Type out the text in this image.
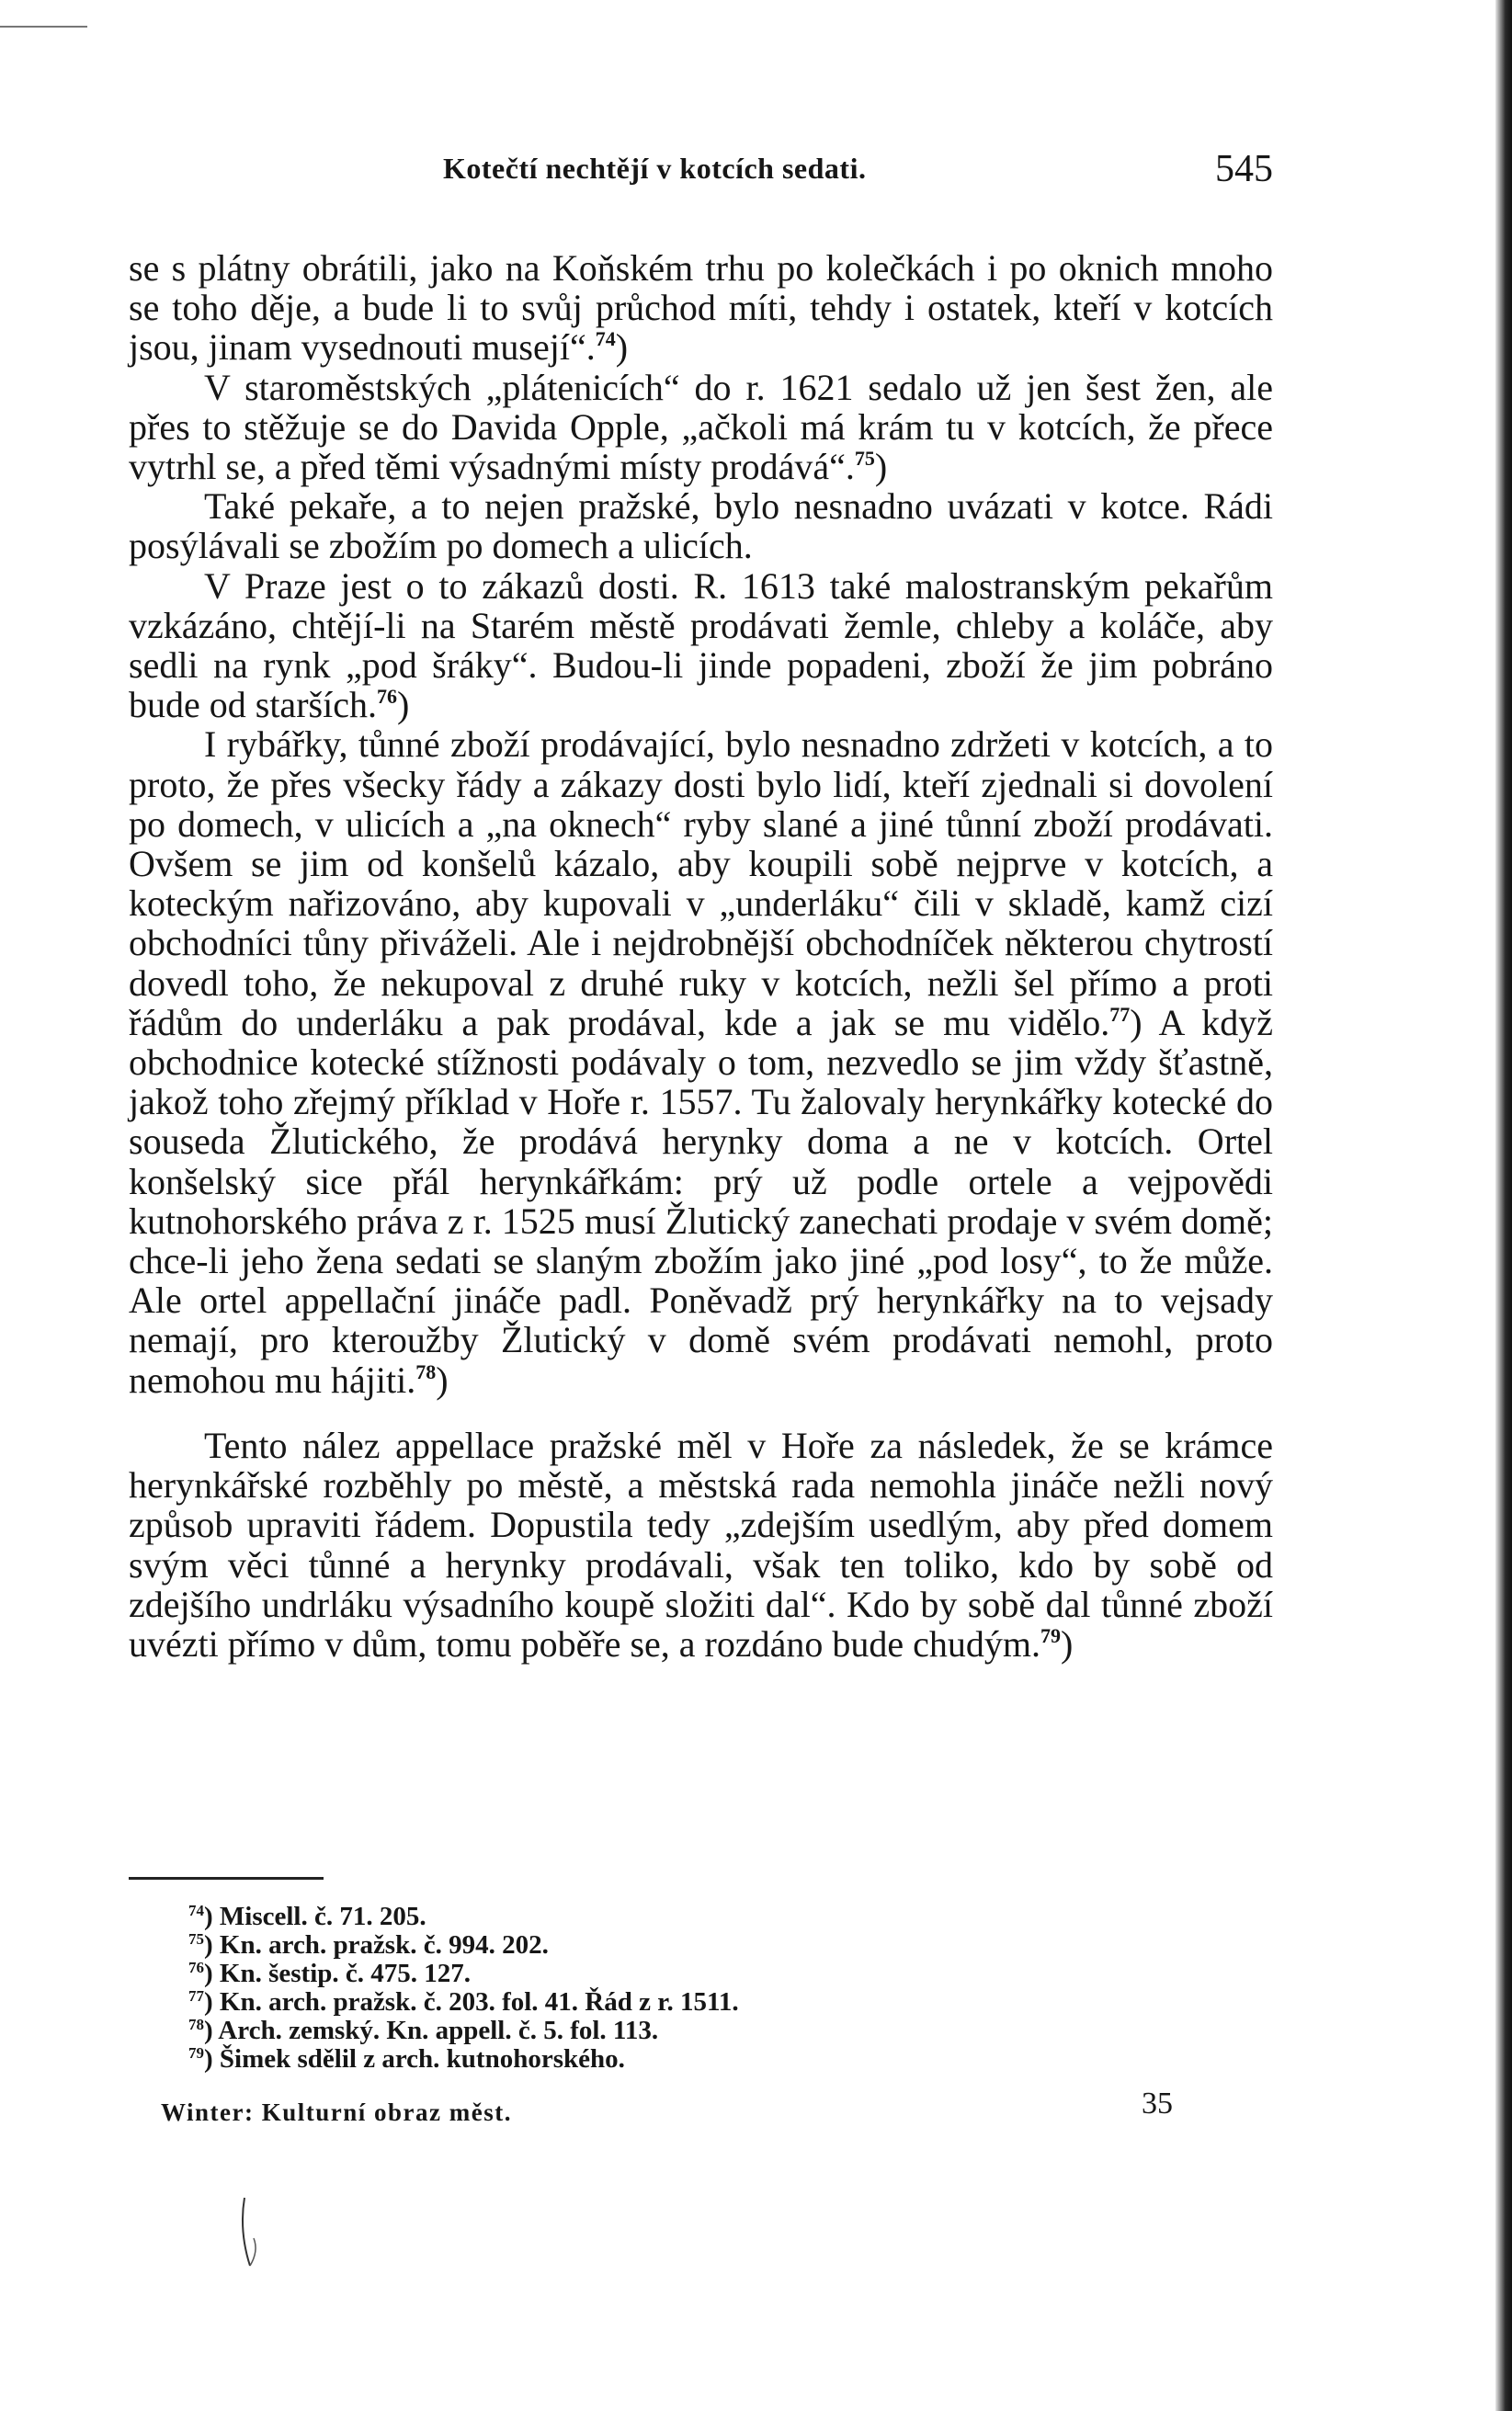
Kotečtí nechtějí v kotcích sedati.	545

se s plátny obrátili, jako na Koňském trhu po kolečkách i po oknich mnoho se toho děje, a bude li to svůj průchod míti, tehdy i ostatek, kteří v kotcích jsou, jinam vysednouti musejí“.$^{74}$)

V staroměstských „plátenicích“ do r. 1621 sedalo už jen šest žen, ale přes to stěžuje se do Davida Opple, „ačkoli má krám tu v kotcích, že přece vytrhl se, a před těmi výsadnými místy prodává“.$^{75}$)

Také pekaře, a to nejen pražské, bylo nesnadno uvázati v kotce. Rádi posýlávali se zbožím po domech a ulicích.

V Praze jest o to zákazů dosti. R. 1613 také malostranským pekařům vzkázáno, chtějí-li na Starém městě prodávati žemle, chleby a koláče, aby sedli na rynk „pod šráky“. Budou-li jinde popadeni, zboží že jim pobráno bude od starších.$^{76}$)

I rybářky, tůnné zboží prodávající, bylo nesnadno zdržeti v kotcích, a to proto, že přes všecky řády a zákazy dosti bylo lidí, kteří zjednali si dovolení po domech, v ulicích a „na oknech“ ryby slané a jiné tůnní zboží prodávati. Ovšem se jim od konšelů kázalo, aby koupili sobě nejprve v kotcích, a koteckým nařizováno, aby kupovali v „underláku“ čili v skladě, kamž cizí obchodníci tůny přiváželi. Ale i nejdrobnější obchodníček některou chytrostí dovedl toho, že nekupoval z druhé ruky v kotcích, nežli šel přímo a proti řádům do underláku a pak prodával, kde a jak se mu vidělo.$^{77}$) A když obchodnice kotecké stížnosti podávaly o tom, nezvedlo se jim vždy šťastně, jakož toho zřejmý příklad v Hoře r. 1557. Tu žalovaly herynkářky kotecké do souseda Žlutického, že prodává herynky doma a ne v kotcích. Ortel konšelský sice přál herynkářkám: prý už podle ortele a vejpovědi kutnohorského práva z r. 1525 musí Žlutický zanechati prodaje v svém domě; chce-li jeho žena sedati se slaným zbožím jako jiné „pod losy“, to že může. Ale ortel appellační jináče padl. Poněvadž prý herynkářky na to vejsady nemají, pro kteroužby Žlutický v domě svém prodávati nemohl, proto nemohou mu hájiti.$^{78}$)

Tento nález appellace pražské měl v Hoře za následek, že se krámce herynkářské rozběhly po městě, a městská rada nemohla jináče nežli nový způsob upraviti řádem. Dopustila tedy „zdejším usedlým, aby před domem svým věci tůnné a herynky prodávali, však ten toliko, kdo by sobě od zdejšího undrláku výsadního koupě složiti dal“. Kdo by sobě dal tůnné zboží uvézti přímo v dům, tomu poběře se, a rozdáno bude chudým.$^{79}$)

$^{74}$) Miscell. č. 71. 205.
$^{75}$) Kn. arch. pražsk. č. 994. 202.
$^{76}$) Kn. šestip. č. 475. 127.
$^{77}$) Kn. arch. pražsk. č. 203. fol. 41. Řád z r. 1511.
$^{78}$) Arch. zemský. Kn. appell. č. 5. fol. 113.
$^{79}$) Šimek sdělil z arch. kutnohorského.
Winter: Kulturní obraz měst.	35
